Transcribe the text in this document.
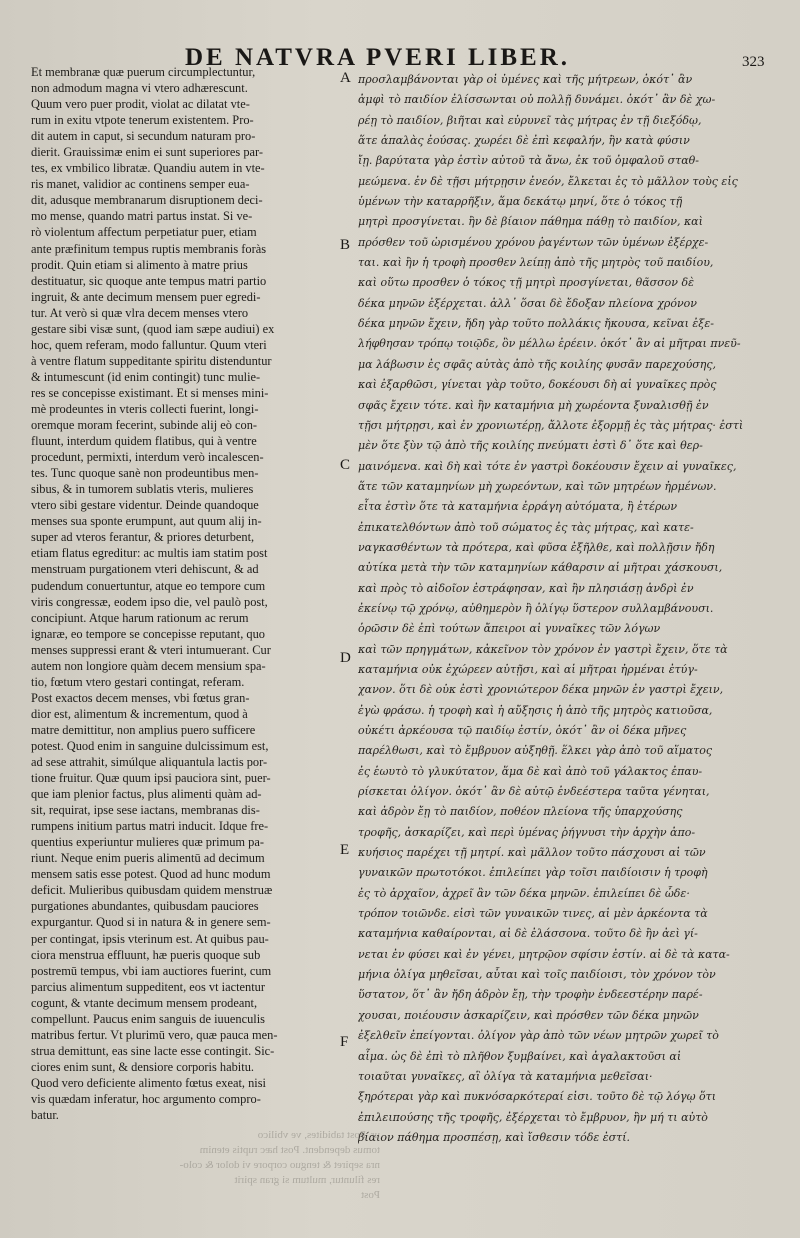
DE NATVRA PVERI LIBER.	323
Et membranæ quæ puerum circumplectuntur,
non admodum magna vi vtero adhærescunt.
Quum vero puer prodit, violat ac dilatat vte-
rum in exitu vtpote tenerum existentem. Pro-
dit autem in caput, si secundum naturam pro-
dierit. Grauissimæ enim ei sunt superiores par-
tes, ex vmbilico libratæ. Quandiu autem in vte-
ris manet, validior ac continens semper eua-
dit, adusque membranarum disruptionem deci-
mo mense, quando matri partus instat. Si ve-
rò violentum affectum perpetiatur puer, etiam
ante præfinitum tempus ruptis membranis foràs
prodit. Quin etiam si alimento à matre prius
destituatur, sic quoque ante tempus matri partio
ingruit, & ante decimum mensem puer egredi-
tur. At verò si quæ vlra decem menses vtero
gestare sibi visæ sunt, (quod iam sæpe audiui) ex
hoc, quem referam, modo falluntur. Quum vteri
à ventre flatum suppeditante spiritu distenduntur
& intumescunt (id enim contingit) tunc mulie-
res se concepisse existimant. Et si menses mini-
mè prodeuntes in vteris collecti fuerint, longi-
oremque moram fecerint, subinde alij eò con-
fluunt, interdum quidem flatibus, qui à ventre
procedunt, permixti, interdum verò incalescen-
tes. Tunc quoque sanè non prodeuntibus men-
sibus, & in tumorem sublatis vteris, mulieres
vtero sibi gestare videntur. Deinde quandoque
menses sua sponte erumpunt, aut quum alij in-
super ad vteros ferantur, & priores deturbent,
etiam flatus egreditur: ac multis iam statim post
menstruam purgationem vteri dehiscunt, & ad
pudendum conuertuntur, atque eo tempore cum
viris congressæ, eodem ipso die, vel paulò post,
concipiunt. Atque harum rationum ac rerum
ignaræ, eo tempore se concepisse reputant, quo
menses suppressi erant & vteri intumuerant. Cur
autem non longiore quàm decem mensium spa-
tio, fœtum vtero gestari contingat, referam.
Post exactos decem menses, vbi fœtus gran-
dior est, alimentum & incrementum, quod à
matre demittitur, non amplius puero sufficere
potest. Quod enim in sanguine dulcissimum est,
ad sese attrahit, simúlque aliquantula lactis por-
tione fruitur. Quæ quum ipsi pauciora sint, puer-
que iam plenior factus, plus alimenti quàm ad-
sit, requirat, ipse sese iactans, membranas dis-
rumpens initium partus matri inducit. Idque fre-
quentius experiuntur mulieres quæ primum pa-
riunt. Neque enim pueris alimentū ad decimum
mensem satis esse potest. Quod ad hunc modum
deficit. Mulieribus quibusdam quidem menstruæ
purgationes abundantes, quibusdam pauciores
expurgantur. Quod si in natura & in genere sem-
per contingat, ipsis vterinum est. At quibus pau-
ciora menstrua effluunt, hæ pueris quoque sub
postremū tempus, vbi iam auctiores fuerint, cum
parcius alimentum suppeditent, eos vt iactentur
cogunt, & vtante decimum mensem prodeant,
compellunt. Paucus enim sanguis de iuuenculis
matribus fertur. Vt plurimū vero, quæ pauca men-
strua demittunt, eas sine lacte esse contingit. Sic-
ciores enim sunt, & densiore corporis habitu.
Quod vero deficiente alimento fœtus exeat, nisi
vis quædam inferatur, hoc argumento compro-
batur.
A
B
C
D
E
F
προσλαμβάνονται γὰρ οἱ ὑμένες καὶ τῆς μήτρεων, ὁκότ᾽ ἂν
ἀμφὶ τὸ παιδίον ἐλίσσωνται οὐ πολλῇ δυνάμει. ὁκότ᾽ ἂν δὲ χω-
ρέῃ τὸ παιδίον, βιῆται καὶ εὐρυνεῖ τὰς μήτρας ἐν τῇ διεξόδῳ,
ἅτε ἁπαλὰς ἐούσας. χωρέει δὲ ἐπὶ κεφαλήν, ἢν κατὰ φύσιν
ἴῃ. βαρύτατα γὰρ ἐστὶν αὐτοῦ τὰ ἄνω, ἐκ τοῦ ὀμφαλοῦ σταθ-
μεώμενα. ἐν δὲ τῇσι μήτρῃσιν ἐνεόν, ἔλκεται ἐς τὸ μᾶλλον τοὺς εἰς
ὑμένων τὴν καταρρῆξιν, ἅμα δεκάτῳ μηνί, ὅτε ὁ τόκος τῇ
μητρὶ προσγίνεται. ἢν δὲ βίαιον πάθημα πάθῃ τὸ παιδίον, καὶ
πρόσθεν τοῦ ὡρισμένου χρόνου ῥαγέντων τῶν ὑμένων ἐξέρχε-
ται. καὶ ἢν ἡ τροφὴ προσθεν λείπῃ ἀπὸ τῆς μητρὸς τοῦ παιδίου,
καὶ οὕτω προσθεν ὁ τόκος τῇ μητρὶ προσγίνεται, θᾶσσον δὲ
δέκα μηνῶν ἐξέρχεται. ἀλλ᾽ ὅσαι δὲ ἔδοξαν πλείονα χρόνον
δέκα μηνῶν ἔχειν, ἤδη γὰρ τοῦτο πολλάκις ἤκουσα, κεῖναι ἐξε-
λήφθησαν τρόπῳ τοιῷδε, ὃν μέλλω ἐρέειν. ὁκότ᾽ ἂν αἱ μῆτραι πνεῦ-
μα λάβωσιν ἐς σφᾶς αὐτὰς ἀπὸ τῆς κοιλίης φυσᾶν παρεχούσης,
καὶ ἐξαρθῶσι, γίνεται γὰρ τοῦτο, δοκέουσι δὴ αἱ γυναῖκες πρὸς
σφᾶς ἔχειν τότε. καὶ ἢν καταμήνια μὴ χωρέοντα ξυναλισθῇ ἐν
τῇσι μήτρῃσι, καὶ ἐν χρονιωτέρῃ, ἄλλοτε ἐξορμῇ ἐς τὰς μήτρας· ἐστὶ
μὲν ὅτε ξὺν τῷ ἀπὸ τῆς κοιλίης πνεύματι ἐστὶ δ᾽ ὅτε καὶ θερ-
μαινόμενα. καὶ δὴ καὶ τότε ἐν γαστρὶ δοκέουσιν ἔχειν αἱ γυναῖκες,
ἅτε τῶν καταμηνίων μὴ χωρεόντων, καὶ τῶν μητρέων ἠρμένων.
εἶτα ἐστὶν ὅτε τὰ καταμήνια ἐρράγη αὐτόματα, ἢ ἑτέρων
ἐπικατελθόντων ἀπὸ τοῦ σώματος ἐς τὰς μήτρας, καὶ κατε-
ναγκασθέντων τὰ πρότερα, καὶ φῦσα ἐξῆλθε, καὶ πολλῇσιν ἤδη
αὐτίκα μετὰ τὴν τῶν καταμηνίων κάθαρσιν αἱ μῆτραι χάσκουσι,
καὶ πρὸς τὸ αἰδοῖον ἐστράφησαν, καὶ ἢν πλησιάσῃ ἀνδρὶ ἐν
ἐκείνῳ τῷ χρόνῳ, αὐθημερὸν ἢ ὀλίγῳ ὕστερον συλλαμβάνουσι.
ὁρῶσιν δὲ ἐπὶ τούτων ἄπειροι αἱ γυναῖκες τῶν λόγων
καὶ τῶν πρηγμάτων, κἀκεῖνον τὸν χρόνον ἐν γαστρὶ ἔχειν, ὅτε τὰ
καταμήνια οὐκ ἐχώρεεν αὐτῇσι, καὶ αἱ μῆτραι ἠρμέναι ἐτύγ-
χανον. ὅτι δὲ οὐκ ἐστὶ χρονιώτερον δέκα μηνῶν ἐν γαστρὶ ἔχειν,
ἐγὼ φράσω. ἡ τροφὴ καὶ ἡ αὔξησις ἡ ἀπὸ τῆς μητρὸς κατιοῦσα,
οὐκέτι ἀρκέουσα τῷ παιδίῳ ἐστίν, ὁκότ᾽ ἂν οἱ δέκα μῆνες
παρέλθωσι, καὶ τὸ ἔμβρυον αὐξηθῇ. ἕλκει γὰρ ἀπὸ τοῦ αἵματος
ἐς ἑωυτὸ τὸ γλυκύτατον, ἅμα δὲ καὶ ἀπὸ τοῦ γάλακτος ἐπαυ-
ρίσκεται ὀλίγον. ὁκότ᾽ ἂν δὲ αὐτῷ ἐνδεέστερα ταῦτα γένηται,
καὶ ἁδρὸν ἔῃ τὸ παιδίον, ποθέον πλείονα τῆς ὑπαρχούσης
τροφῆς, ἀσκαρίζει, καὶ περὶ ὑμένας ῥήγνυσι τὴν ἀρχὴν ἀπο-
κυήσιος παρέχει τῇ μητρί. καὶ μᾶλλον τοῦτο πάσχουσι αἱ τῶν
γυναικῶν πρωτοτόκοι. ἐπιλείπει γὰρ τοῖσι παιδίοισιν ἡ τροφὴ
ἐς τὸ ἀρχαῖον, ἀχρεῖ ἂν τῶν δέκα μηνῶν. ἐπιλείπει δὲ ὧδε·
τρόπον τοιῶνδε. εἰσὶ τῶν γυναικῶν τινες, αἱ μὲν ἀρκέοντα τὰ
καταμήνια καθαίρονται, αἱ δὲ ἐλάσσονα. τοῦτο δὲ ἢν ἀεὶ γί-
νεται ἐν φύσει καὶ ἐν γένει, μητρῷον σφίσιν ἐστίν. αἱ δὲ τὰ κατα-
μήνια ὀλίγα μηθεῖσαι, αὗται καὶ τοῖς παιδίοισι, τὸν χρόνον τὸν
ὕστατον, ὅτ᾽ ἂν ἤδη ἁδρὸν ἔῃ, τὴν τροφὴν ἐνδεεστέρην παρέ-
χουσαι, ποιέουσιν ἀσκαρίζειν, καὶ πρόσθεν τῶν δέκα μηνῶν
ἐξελθεῖν ἐπείγονται. ὀλίγον γὰρ ἀπὸ τῶν νέων μητρῶν χωρεῖ τὸ
αἷμα. ὡς δὲ ἐπὶ τὸ πλῆθον ξυμβαίνει, καὶ ἀγαλακτοῦσι αἱ
τοιαῦται γυναῖκες, αἳ ὀλίγα τὰ καταμήνια μεθεῖσαι·
ξηρότεραι γὰρ καὶ πυκνόσαρκότεραί εἰσι. τοῦτο δὲ τῷ λόγῳ ὅτι
ἐπιλειπούσης τῆς τροφῆς, ἐξέρχεται τὸ ἔμβρυον, ἢν μή τι αὐτὸ
βίαιον πάθημα προσπέσῃ, καὶ ἴσθεσιν τόδε ἐστί.
ur. Post tabidites, ve vbilico
tomus dependent. Post hæc ruptis etenim
nra sepiret & tenguo corpore vi dolor & colo-
res filuntur, multum si gran spirit
Post
